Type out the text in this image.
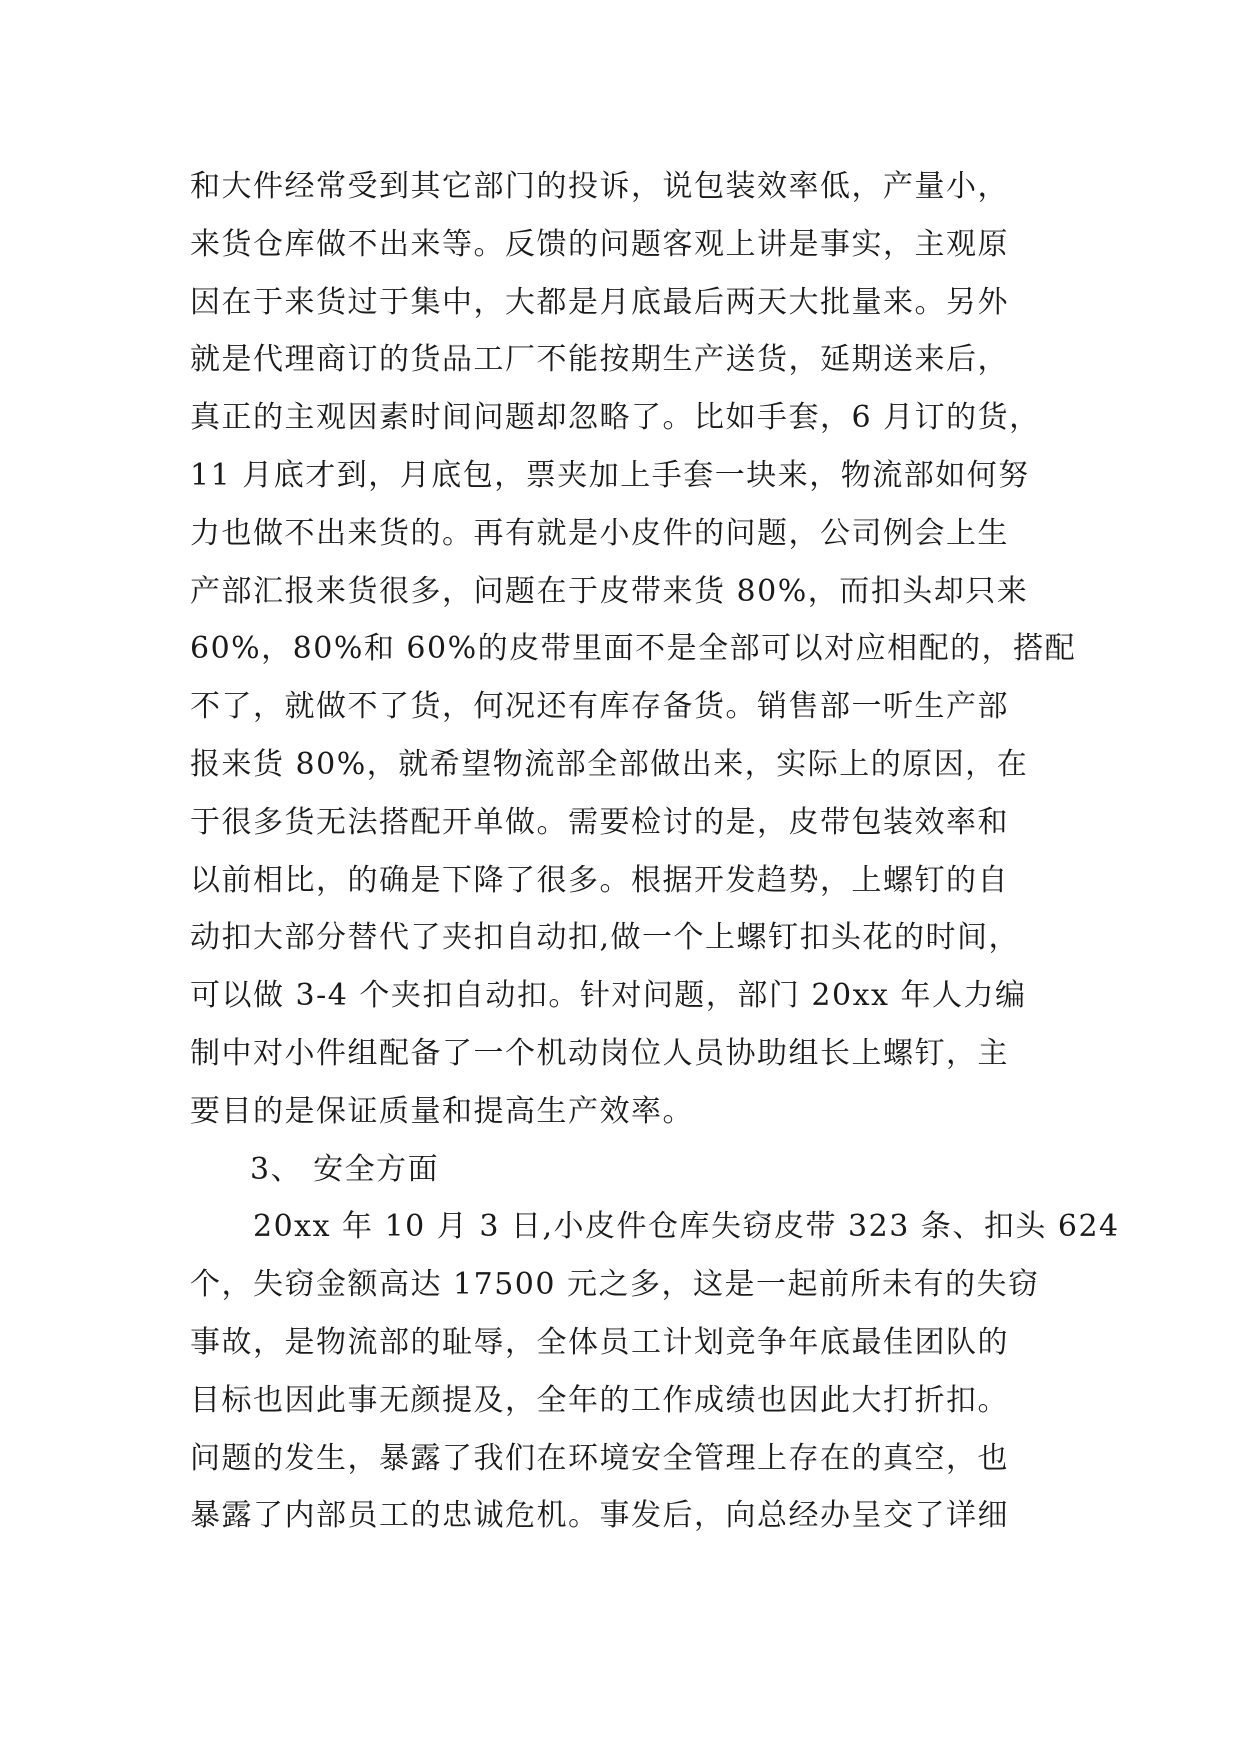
和大件经常受到其它部门的投诉，说包装效率低，产量小，
来货仓库做不出来等。反馈的问题客观上讲是事实，主观原
因在于来货过于集中，大都是月底最后两天大批量来。另外
就是代理商订的货品工厂不能按期生产送货，延期送来后，
真正的主观因素时间问题却忽略了。比如手套，6 月订的货，
11 月底才到，月底包，票夹加上手套一块来，物流部如何努
力也做不出来货的。再有就是小皮件的问题，公司例会上生
产部汇报来货很多，问题在于皮带来货 80%，而扣头却只来
60%，80%和 60%的皮带里面不是全部可以对应相配的，搭配
不了，就做不了货，何况还有库存备货。销售部一听生产部
报来货 80%，就希望物流部全部做出来，实际上的原因，在
于很多货无法搭配开单做。需要检讨的是，皮带包装效率和
以前相比，的确是下降了很多。根据开发趋势，上螺钉的自
动扣大部分替代了夹扣自动扣,做一个上螺钉扣头花的时间，
可以做 3-4 个夹扣自动扣。针对问题，部门 20xx 年人力编
制中对小件组配备了一个机动岗位人员协助组长上螺钉，主
要目的是保证质量和提高生产效率。
3、 安全方面
20xx 年 10 月 3 日,小皮件仓库失窃皮带 323 条、扣头 624
个，失窃金额高达 17500 元之多，这是一起前所未有的失窃
事故，是物流部的耻辱，全体员工计划竞争年底最佳团队的
目标也因此事无颜提及，全年的工作成绩也因此大打折扣。
问题的发生，暴露了我们在环境安全管理上存在的真空，也
暴露了内部员工的忠诚危机。事发后，向总经办呈交了详细
